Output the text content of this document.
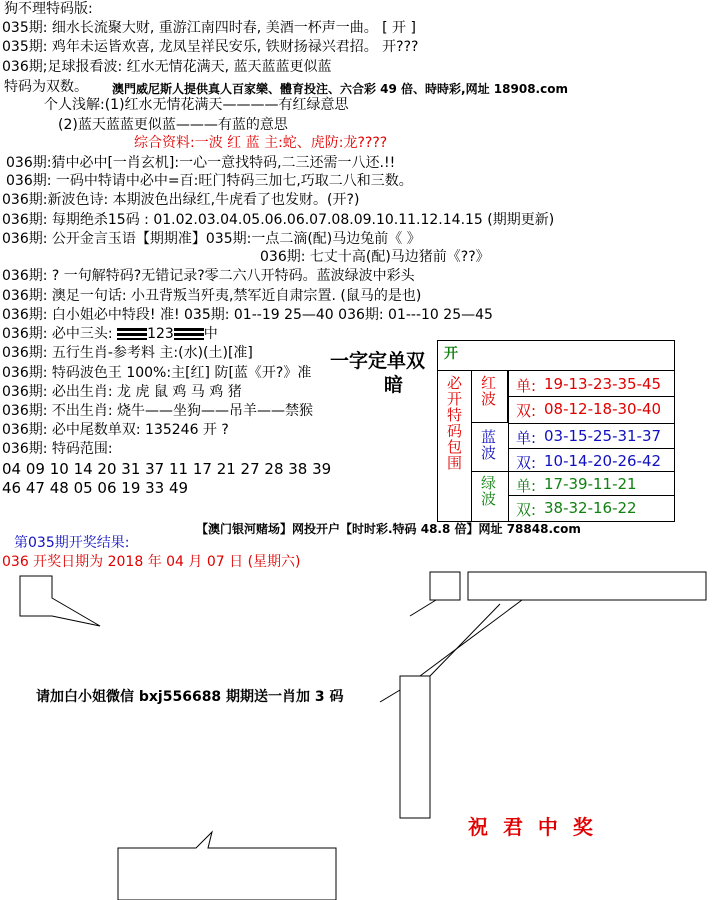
狗不理特码版:
035期: 细水长流聚大财, 重游江南四时春, 美酒一杯声一曲。 [ 开 ]
035期: 鸡年未运皆欢喜, 龙凤呈祥民安乐, 铁财扬禄兴君招。 开???
036期;足球报看波: 红水无情花满天, 蓝天蓝蓝更似蓝
特码为双数。 澳門威尼斯人提供真人百家樂、體育投注、六合彩 49 倍、時時彩,网址 18908.com
个人浅解:(1)红水无情花满天————有红绿意思
(2)蓝天蓝蓝更似蓝———有蓝的意思
综合资料:一波 红 蓝 主:蛇、虎防:龙????
036期:猜中必中[一肖玄机]:一心一意找特码,二三还需一八还.!!
036期: 一码中特请中必中=百:旺门特码三加七,巧取二八和三数。
036期:新波色诗: 本期波色出绿红,牛虎看了也发财。(开?)
036期: 每期绝杀15码 : 01.02.03.04.05.06.06.07.08.09.10.11.12.14.15 (期期更新)
036期: 公开金言玉语【期期准】035期:一点二滴(配)马边兔前《 》
036期: 七丈十高(配)马边猪前《??》
036期: ? 一句解特码?无错记录?零二六八开特码。蓝波绿波中彩头
036期: 澳足一句话: 小丑背叛当歼夷,禁军近自肃宗置. (鼠马的是也)
036期: 白小姐必中特段! 准! 035期: 01--19 25—40 036期: 01---10 25—45
036期: 必中三头: 123 中
036期: 五行生肖-参考料 主:(水)(土)[准]
036期: 特码波色王 100%:主[红] 防[蓝《开?》准
036期: 必出生肖: 龙 虎 鼠 鸡 马 鸡 猪
036期: 不出生肖: 烧牛——坐狗——吊羊——禁猴
036期: 必中尾数单双: 135246 开 ?
036期: 特码范围:
04 09 10 14 20 31 37 11 17 21 27 28 38 39
46 47 48 05 06 19 33 49
一字定单双
暗
开
必开特码包围 红波 单: 19-13-23-35-45
双: 08-12-18-30-40
蓝波 单: 03-15-25-31-37
双: 10-14-20-26-42
绿波 单: 17-39-11-21
双: 38-32-16-22
【澳门银河赌场】网投开户【时时彩.特码 48.8 倍】网址 78848.com
第035期开奖结果:
036 开奖日期为 2018 年 04 月 07 日 (星期六)
请加白小姐微信 bxj556688 期期送一肖加 3 码
祝 君 中 奖
